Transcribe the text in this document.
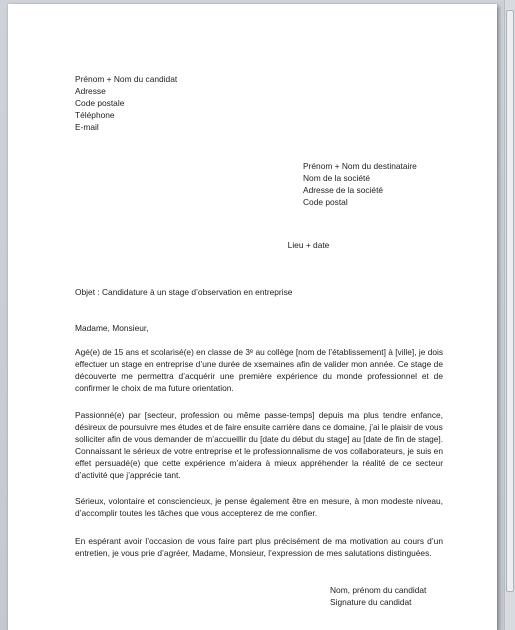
Prénom + Nom du candidat
Adresse
Code postale
Téléphone
E-mail
Prénom + Nom du destinataire
Nom de la société
Adresse de la société
Code postal
Lieu + date
Objet : Candidature à un stage d’observation en entreprise
Madame, Monsieur,
Agé(e) de 15 ans et scolarisé(e) en classe de 3ᵉ au collège [nom de l’établissement] à [ville], je dois
effectuer un stage en entreprise d’une durée de xsemaines afin de valider mon année. Ce stage de
découverte me permettra d’acquérir une première expérience du monde professionnel et de
confirmer le choix de ma future orientation.
Passionné(e) par [secteur, profession ou même passe-temps] depuis ma plus tendre enfance,
désireux de poursuivre mes études et de faire ensuite carrière dans ce domaine, j’ai le plaisir de vous
solliciter afin de vous demander de m’accueillir du [date du début du stage] au [date de fin de stage].
Connaissant le sérieux de votre entreprise et le professionnalisme de vos collaborateurs, je suis en
effet persuadé(e) que cette expérience m’aidera à mieux appréhender la réalité de ce secteur
d’activité que j’apprécie tant.
Sérieux, volontaire et consciencieux, je pense également être en mesure, à mon modeste niveau,
d’accomplir toutes les tâches que vous accepterez de me confier.
En espérant avoir l’occasion de vous faire part plus précisément de ma motivation au cours d’un
entretien, je vous prie d’agréer, Madame, Monsieur, l’expression de mes salutations distinguées.
Nom, prénom du candidat
Signature du candidat
